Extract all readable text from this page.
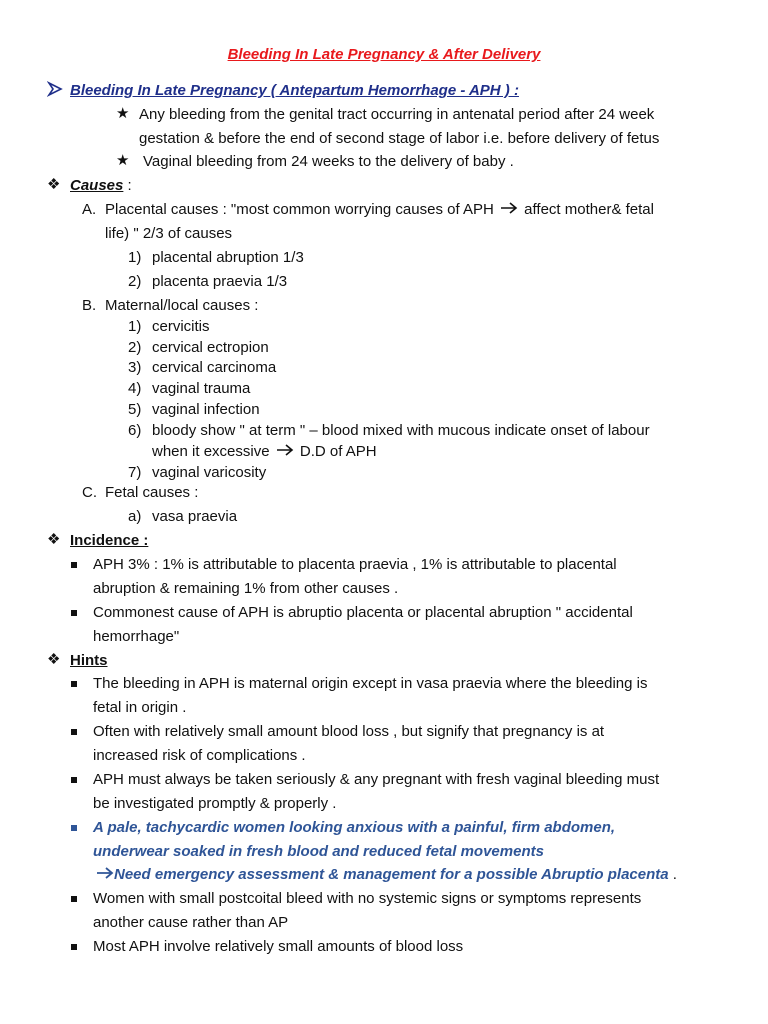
Bleeding In Late Pregnancy & After Delivery
Bleeding In Late Pregnancy ( Antepartum Hemorrhage - APH ) :
★ Any bleeding from the genital tract occurring in antenatal period after 24 week
gestation & before the end of second stage of labor i.e. before delivery of fetus
★ Vaginal bleeding from 24 weeks to the delivery of baby .
❖ Causes :
A. Placental causes : "most common worrying causes of APH affect mother& fetal
life) " 2/3 of causes
1) placental abruption 1/3
2) placenta praevia 1/3
B. Maternal/local causes :
1) cervicitis
2) cervical ectropion
3) cervical carcinoma
4) vaginal trauma
5) vaginal infection
6) bloody show " at term " – blood mixed with mucous indicate onset of labour
when it excessive D.D of APH
7) vaginal varicosity
C. Fetal causes :
a) vasa praevia
❖ Incidence :
APH 3% : 1% is attributable to placenta praevia , 1% is attributable to placental
abruption & remaining 1% from other causes .
Commonest cause of APH is abruptio placenta or placental abruption " accidental
hemorrhage"
❖ Hints
The bleeding in APH is maternal origin except in vasa praevia where the bleeding is
fetal in origin .
Often with relatively small amount blood loss , but signify that pregnancy is at
increased risk of complications .
APH must always be taken seriously & any pregnant with fresh vaginal bleeding must
be investigated promptly & properly .
A pale, tachycardic women looking anxious with a painful, firm abdomen,
underwear soaked in fresh blood and reduced fetal movements
Need emergency assessment & management for a possible Abruptio placenta .
Women with small postcoital bleed with no systemic signs or symptoms represents
another cause rather than AP
Most APH involve relatively small amounts of blood loss
